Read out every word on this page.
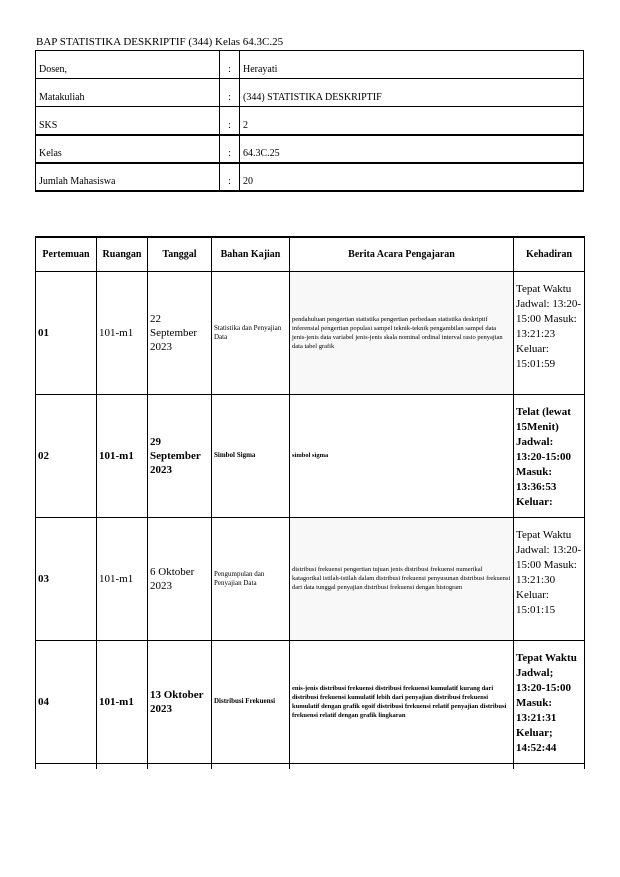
BAP STATISTIKA DESKRIPTIF (344) Kelas 64.3C.25
Dosen,	:	Herayati
Matakuliah	:	(344) STATISTIKA DESKRIPTIF
SKS	:	2
Kelas	:	64.3C.25
Jumlah Mahasiswa	:	20
Pertemuan	Ruangan	Tanggal	Bahan Kajian	Berita Acara Pengajaran	Kehadiran
01	101-m1	22 September 2023	Statistika dan Penyajian Data	pendahuluan pengertian statistika pengertian perbedaan statistika deskriptif inferensial pengertian populasi sampel teknik-teknik pengambilan sampel data jenis-jenis data variabel jenis-jenis skala nominal ordinal interval rasio penyajian data tabel grafik	Tepat Waktu Jadwal: 13:20-15:00 Masuk: 13:21:23 Keluar: 15:01:59
02	101-m1	29 September 2023	Simbol Sigma	simbol sigma	Telat (lewat 15Menit) Jadwal: 13:20-15:00 Masuk: 13:36:53 Keluar:
03	101-m1	6 Oktober 2023	Pengumpulan dan Penyajian Data	distribusi frekuensi pengertian tujuan jenis distribusi frekuensi numerikal katagorikal istilah-istilah dalam distribusi frekuensi penyusunan distribusi frekuensi dari data tunggal penyajian distribusi frekuensi dengan histogram	Tepat Waktu Jadwal: 13:20-15:00 Masuk: 13:21:30 Keluar: 15:01:15
04	101-m1	13 Oktober 2023	Distribusi Frekuensi	enis-jenis distribusi frekuensi distribusi frekuensi kumulatif kurang dari distribusi frekuensi kumulatif lebih dari penyajian distribusi frekuensi kumulatif dengan grafik ogoif distribusi frekuensi relatif penyajian distribusi frekuensi relatif dengan grafik lingkaran	Tepat Waktu Jadwal; 13:20-15:00 Masuk: 13:21:31 Keluar; 14:52:44
